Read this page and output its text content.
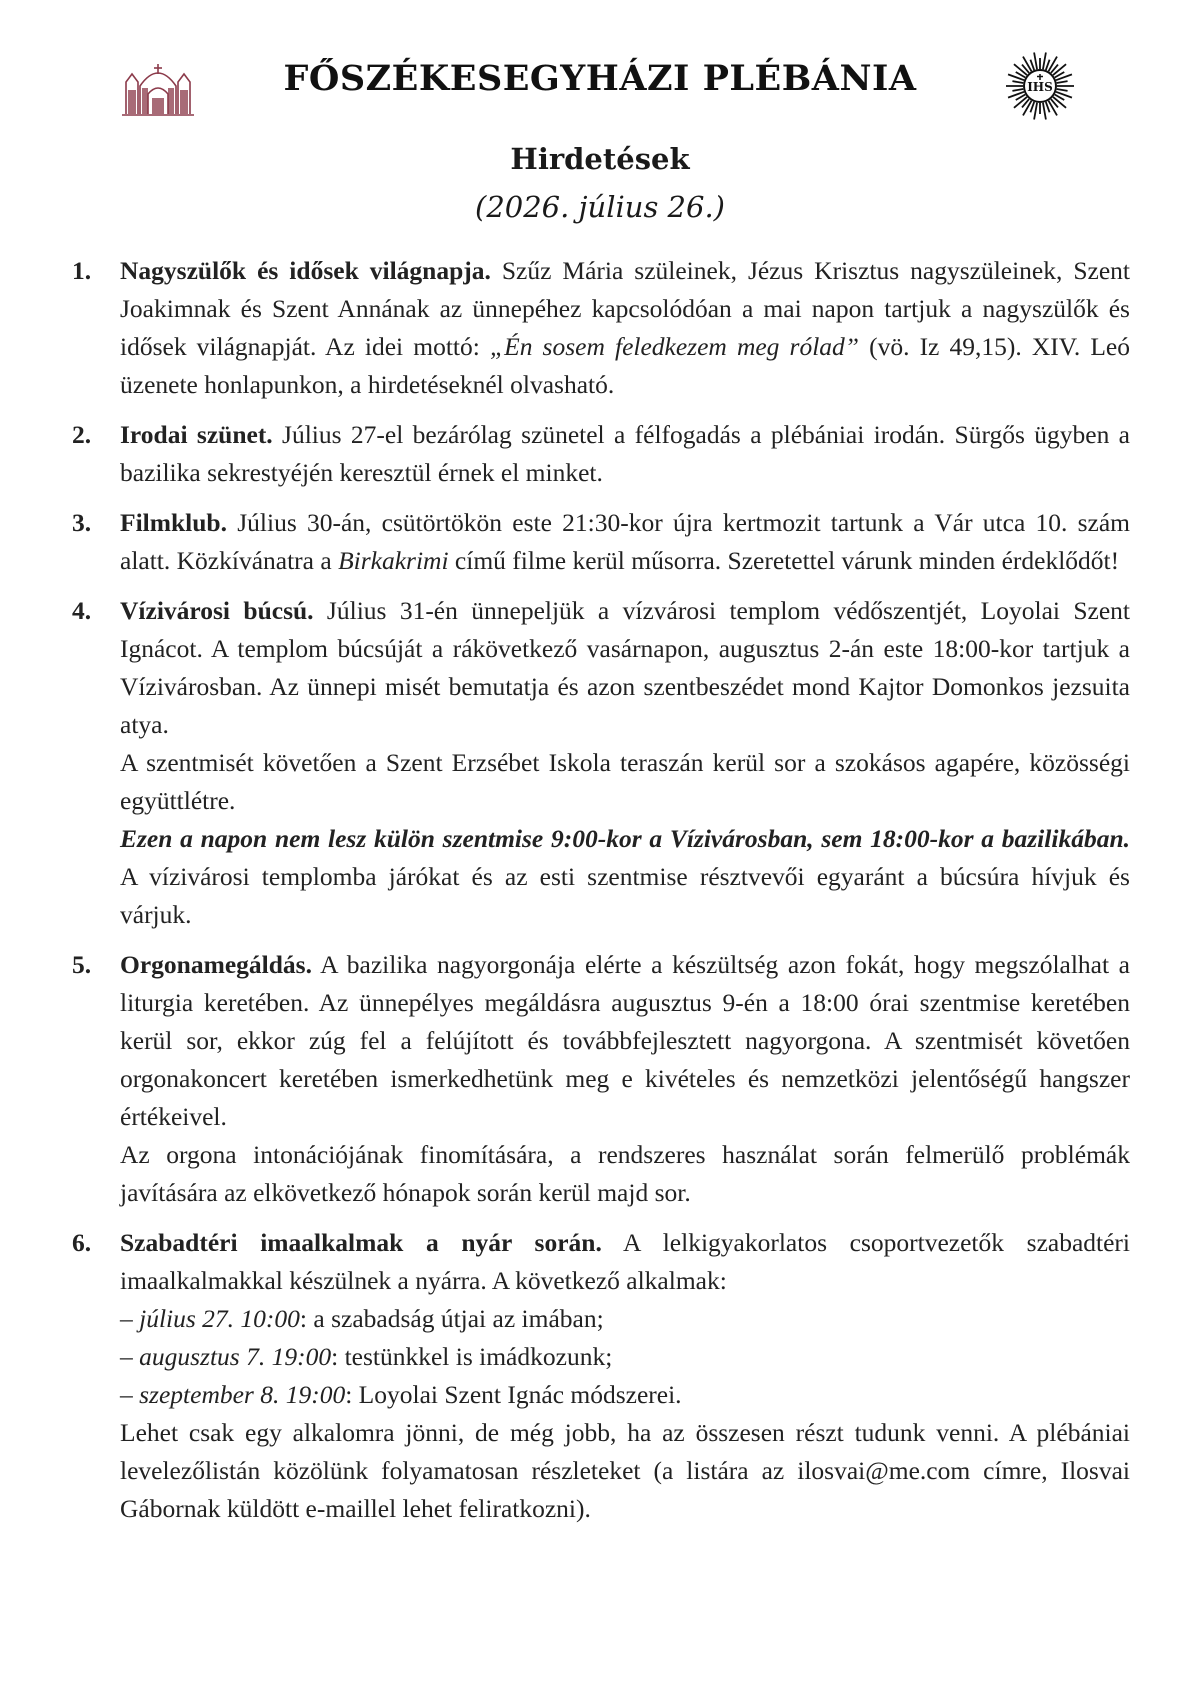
FŐSZÉKESEGYHÁZI PLÉBÁNIA	IHS
Hirdetések
(2026. július 26.)
1. Nagyszülők és idősek világnapja. Szűz Mária szüleinek, Jézus Krisztus nagyszüleinek, Szent Joakimnak és Szent Annának az ünnepéhez kapcsolódóan a mai napon tartjuk a nagyszülők és idősek világnapját. Az idei mottó: „Én sosem feledkezem meg rólad” (vö. Iz 49,15). XIV. Leó üzenete honlapunkon, a hirdetéseknél olvasható.
2. Irodai szünet. Július 27-el bezárólag szünetel a félfogadás a plébániai irodán. Sürgős ügyben a bazilika sekrestyéjén keresztül érnek el minket.
3. Filmklub. Július 30-án, csütörtökön este 21:30-kor újra kertmozit tartunk a Vár utca 10. szám alatt. Közkívánatra a Birkakrimi című filme kerül műsorra. Szeretettel várunk minden érdeklődőt!
4. Vízivárosi búcsú. Július 31-én ünnepeljük a vízvárosi templom védőszentjét, Loyolai Szent Ignácot. A templom búcsúját a rákövetkező vasárnapon, augusztus 2-án este 18:00-kor tartjuk a Vízivárosban. Az ünnepi misét bemutatja és azon szentbeszédet mond Kajtor Domonkos jezsuita atya.
A szentmisét követően a Szent Erzsébet Iskola teraszán kerül sor a szokásos agapére, közösségi együttlétre.
Ezen a napon nem lesz külön szentmise 9:00-kor a Vízivárosban, sem 18:00-kor a bazilikában. A vízivárosi templomba járókat és az esti szentmise résztvevői egyaránt a búcsúra hívjuk és várjuk.
5. Orgonamegáldás. A bazilika nagyorgonája elérte a készültség azon fokát, hogy megszólalhat a liturgia keretében. Az ünnepélyes megáldásra augusztus 9-én a 18:00 órai szentmise keretében kerül sor, ekkor zúg fel a felújított és továbbfejlesztett nagyorgona. A szentmisét követően orgonakoncert keretében ismerkedhetünk meg e kivételes és nemzetközi jelentőségű hangszer értékeivel.
Az orgona intonációjának finomítására, a rendszeres használat során felmerülő problémák javítására az elkövetkező hónapok során kerül majd sor.
6. Szabadtéri imaalkalmak a nyár során. A lelkigyakorlatos csoportvezetők szabadtéri imaalkalmakkal készülnek a nyárra. A következő alkalmak:
– július 27. 10:00: a szabadság útjai az imában;
– augusztus 7. 19:00: testünkkel is imádkozunk;
– szeptember 8. 19:00: Loyolai Szent Ignác módszerei.
Lehet csak egy alkalomra jönni, de még jobb, ha az összesen részt tudunk venni. A plébániai levelezőlistán közölünk folyamatosan részleteket (a listára az ilosvai@me.com címre, Ilosvai Gábornak küldött e-maillel lehet feliratkozni).
